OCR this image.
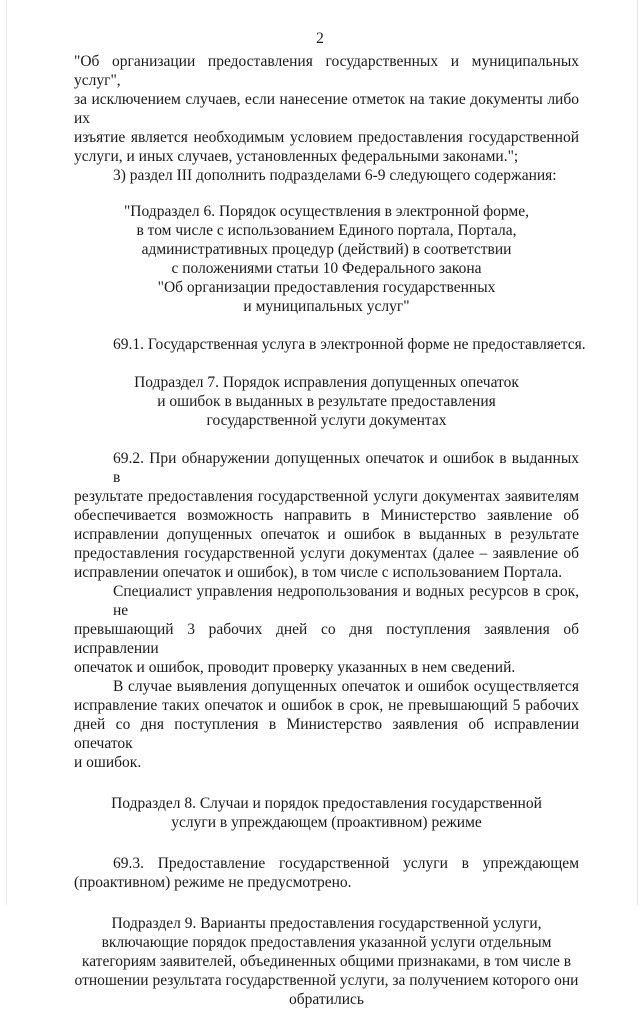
2
"Об организации предоставления государственных и муниципальных услуг",
за исключением случаев, если нанесение отметок на такие документы либо их
изъятие является необходимым условием предоставления государственной
услуги, и иных случаев, установленных федеральными законами.";
3) раздел III дополнить подразделами 6-9 следующего содержания:
"Подраздел 6. Порядок осуществления в электронной форме,
в том числе с использованием Единого портала, Портала,
административных процедур (действий) в соответствии
с положениями статьи 10 Федерального закона
"Об организации предоставления государственных
и муниципальных услуг"
69.1. Государственная услуга в электронной форме не предоставляется.
Подраздел 7. Порядок исправления допущенных опечаток
и ошибок в выданных в результате предоставления
государственной услуги документах
69.2. При обнаружении допущенных опечаток и ошибок в выданных в
результате предоставления государственной услуги документах заявителям
обеспечивается возможность направить в Министерство заявление об
исправлении допущенных опечаток и ошибок в выданных в результате
предоставления государственной услуги документах (далее – заявление об
исправлении опечаток и ошибок), в том числе с использованием Портала.
Специалист управления недропользования и водных ресурсов в срок, не
превышающий 3 рабочих дней со дня поступления заявления об исправлении
опечаток и ошибок, проводит проверку указанных в нем сведений.
В случае выявления допущенных опечаток и ошибок осуществляется
исправление таких опечаток и ошибок в срок, не превышающий 5 рабочих
дней со дня поступления в Министерство заявления об исправлении опечаток
и ошибок.
Подраздел 8. Случаи и порядок предоставления государственной
услуги в упреждающем (проактивном) режиме
69.3. Предоставление государственной услуги в упреждающем
(проактивном) режиме не предусмотрено.
Подраздел 9. Варианты предоставления государственной услуги,
включающие порядок предоставления указанной услуги отдельным
категориям заявителей, объединенных общими признаками, в том числе в
отношении результата государственной услуги, за получением которого они
обратились
